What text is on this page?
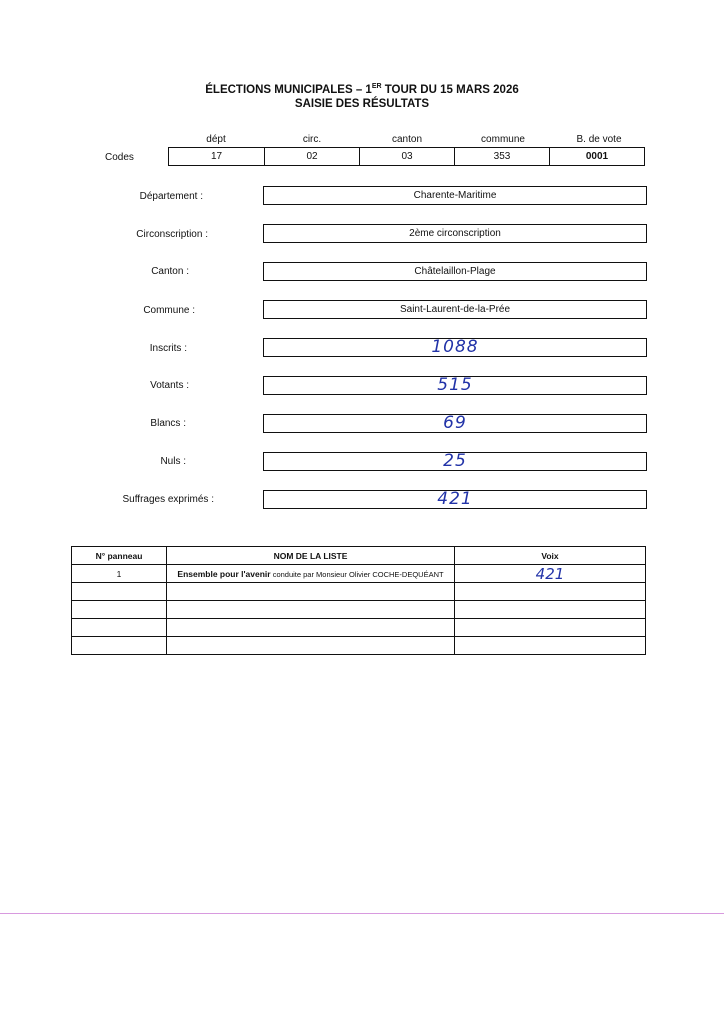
ÉLECTIONS MUNICIPALES – 1ER TOUR DU 15 MARS 2026
SAISIE DES RÉSULTATS
dépt	circ.	canton	commune	B. de vote
Codes	17	02	03	353	0001
Département :	Charente-Maritime
Circonscription :	2ème circonscription
Canton :	Châtelaillon-Plage
Commune :	Saint-Laurent-de-la-Prée
Inscrits :	1088
Votants :	515
Blancs :	69
Nuls :	25
Suffrages exprimés :	421
N° panneau	NOM DE LA LISTE	Voix
1	Ensemble pour l'avenir conduite par Monsieur Olivier COCHE-DEQUÉANT	421
